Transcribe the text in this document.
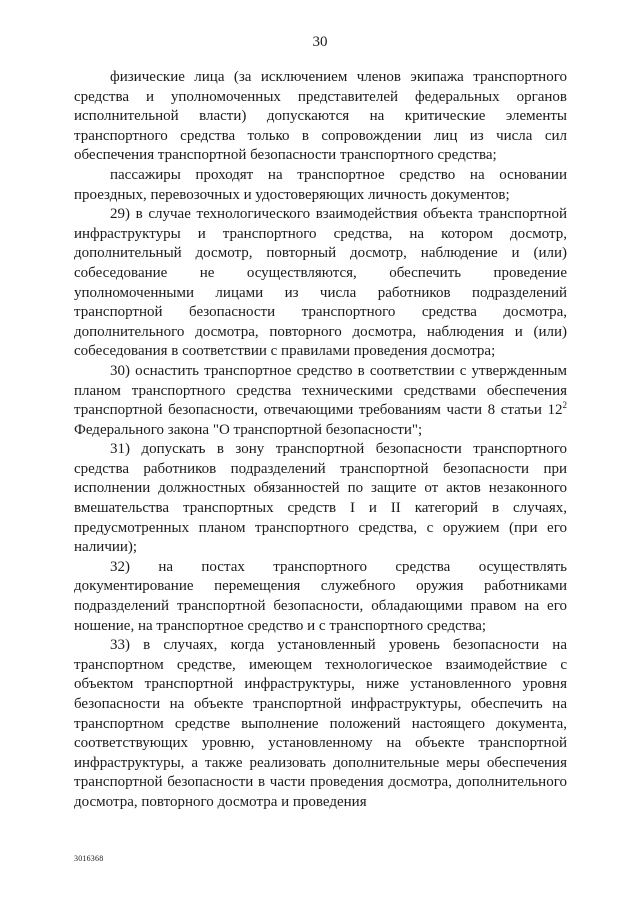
30

физические лица (за исключением членов экипажа транспортного средства и уполномоченных представителей федеральных органов исполнительной власти) допускаются на критические элементы транспортного средства только в сопровождении лиц из числа сил обеспечения транспортной безопасности транспортного средства;

пассажиры проходят на транспортное средство на основании проездных, перевозочных и удостоверяющих личность документов;

29) в случае технологического взаимодействия объекта транспортной инфраструктуры и транспортного средства, на котором досмотр, дополнительный досмотр, повторный досмотр, наблюдение и (или) собеседование не осуществляются, обеспечить проведение уполномоченными лицами из числа работников подразделений транспортной безопасности транспортного средства досмотра, дополнительного досмотра, повторного досмотра, наблюдения и (или) собеседования в соответствии с правилами проведения досмотра;

30) оснастить транспортное средство в соответствии с утвержденным планом транспортного средства техническими средствами обеспечения транспортной безопасности, отвечающими требованиям части 8 статьи $12^2$ Федерального закона "О транспортной безопасности";

31) допускать в зону транспортной безопасности транспортного средства работников подразделений транспортной безопасности при исполнении должностных обязанностей по защите от актов незаконного вмешательства транспортных средств I и II категорий в случаях, предусмотренных планом транспортного средства, с оружием (при его наличии);

32) на постах транспортного средства осуществлять документирование перемещения служебного оружия работниками подразделений транспортной безопасности, обладающими правом на его ношение, на транспортное средство и с транспортного средства;

33) в случаях, когда установленный уровень безопасности на транспортном средстве, имеющем технологическое взаимодействие с объектом транспортной инфраструктуры, ниже установленного уровня безопасности на объекте транспортной инфраструктуры, обеспечить на транспортном средстве выполнение положений настоящего документа, соответствующих уровню, установленному на объекте транспортной инфраструктуры, а также реализовать дополнительные меры обеспечения транспортной безопасности в части проведения досмотра, дополнительного досмотра, повторного досмотра и проведения

3016368
